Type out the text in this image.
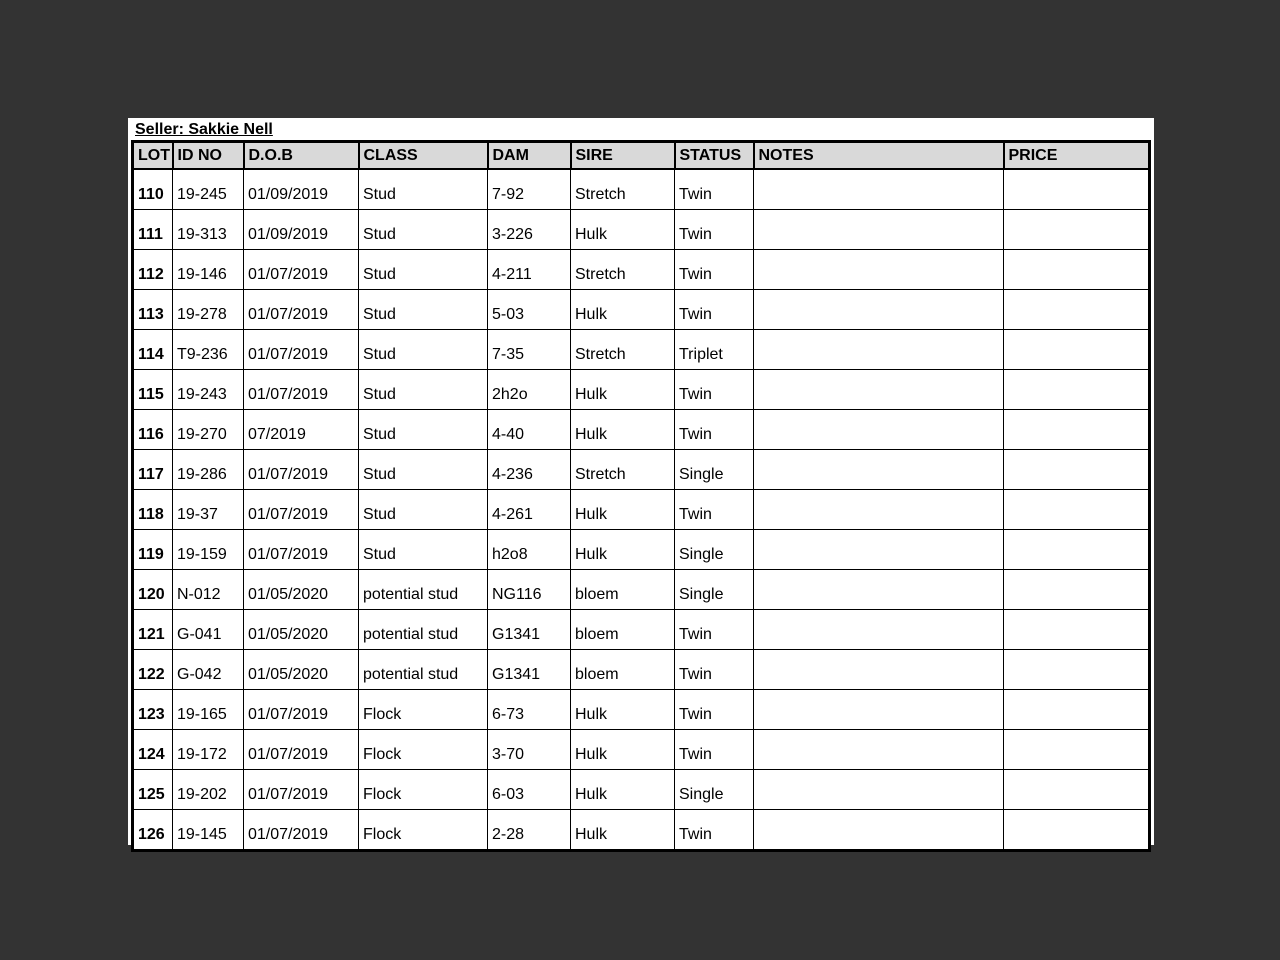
Seller: Sakkie Nell
LOT	ID NO	D.O.B	CLASS	DAM	SIRE	STATUS	NOTES	PRICE
110	19-245	01/09/2019	Stud	7-92	Stretch	Twin		
111	19-313	01/09/2019	Stud	3-226	Hulk	Twin		
112	19-146	01/07/2019	Stud	4-211	Stretch	Twin		
113	19-278	01/07/2019	Stud	5-03	Hulk	Twin		
114	T9-236	01/07/2019	Stud	7-35	Stretch	Triplet		
115	19-243	01/07/2019	Stud	2h2o	Hulk	Twin		
116	19-270	07/2019	Stud	4-40	Hulk	Twin		
117	19-286	01/07/2019	Stud	4-236	Stretch	Single		
118	19-37	01/07/2019	Stud	4-261	Hulk	Twin		
119	19-159	01/07/2019	Stud	h2o8	Hulk	Single		
120	N-012	01/05/2020	potential stud	NG116	bloem	Single		
121	G-041	01/05/2020	potential stud	G1341	bloem	Twin		
122	G-042	01/05/2020	potential stud	G1341	bloem	Twin		
123	19-165	01/07/2019	Flock	6-73	Hulk	Twin		
124	19-172	01/07/2019	Flock	3-70	Hulk	Twin		
125	19-202	01/07/2019	Flock	6-03	Hulk	Single		
126	19-145	01/07/2019	Flock	2-28	Hulk	Twin		
